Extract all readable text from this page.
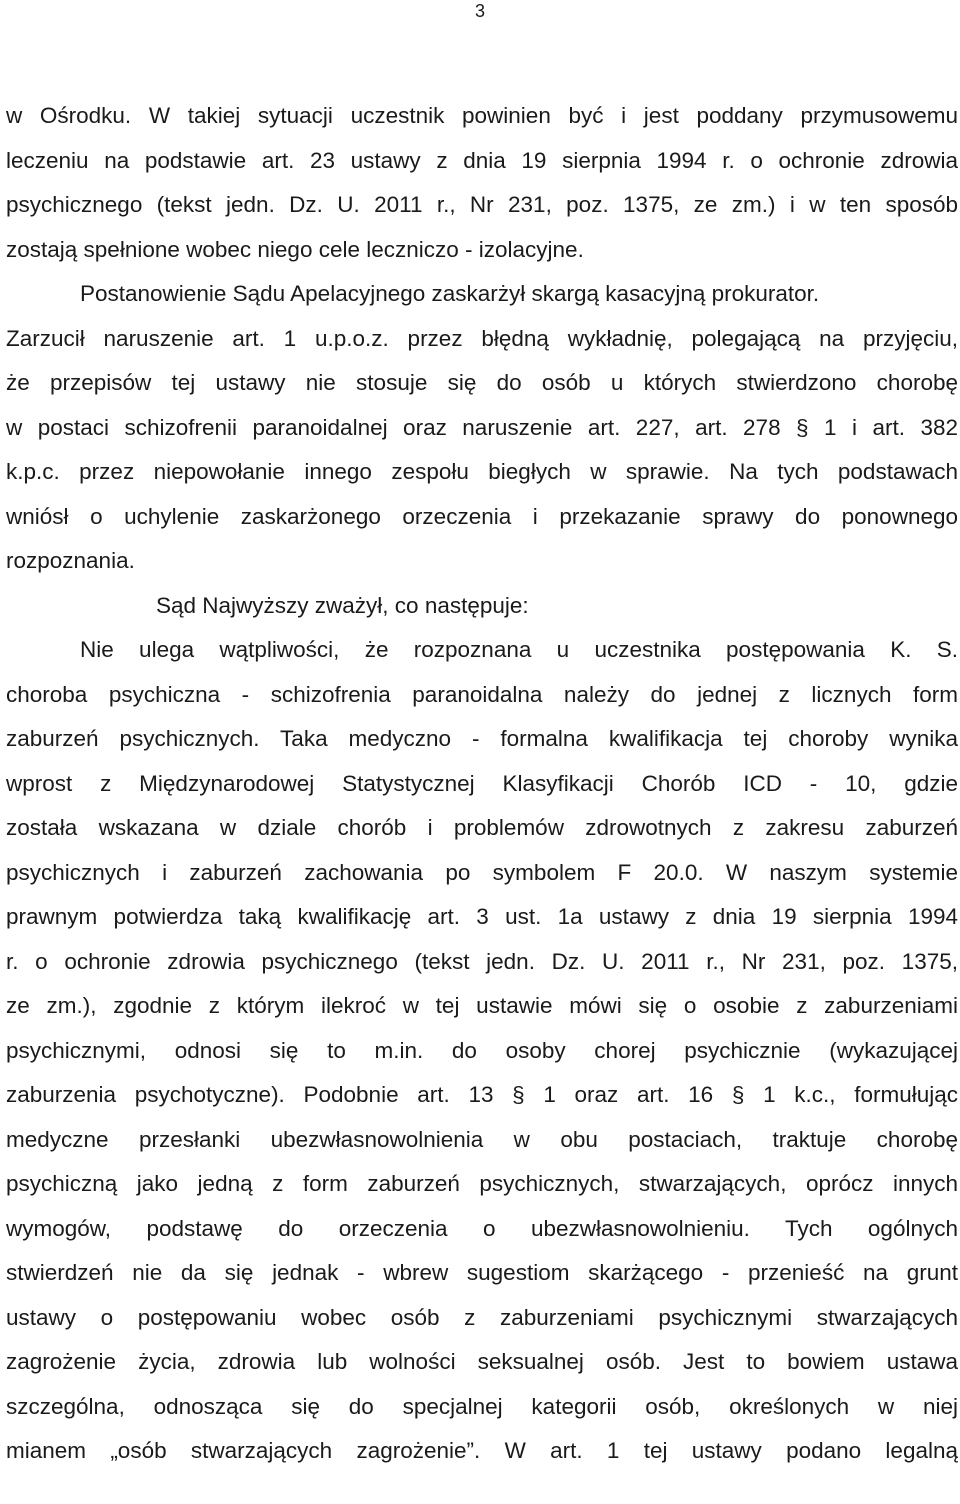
3
w Ośrodku. W takiej sytuacji uczestnik powinien być i jest poddany przymusowemu
leczeniu na podstawie art. 23 ustawy z dnia 19 sierpnia 1994 r. o ochronie zdrowia
psychicznego (tekst jedn. Dz. U. 2011 r., Nr 231, poz. 1375, ze zm.) i w ten sposób
zostają spełnione wobec niego cele leczniczo - izolacyjne.
Postanowienie Sądu Apelacyjnego zaskarżył skargą kasacyjną prokurator.
Zarzucił naruszenie art. 1 u.p.o.z. przez błędną wykładnię, polegającą na przyjęciu,
że przepisów tej ustawy nie stosuje się do osób u których stwierdzono chorobę
w postaci schizofrenii paranoidalnej oraz naruszenie art. 227, art. 278 § 1 i art. 382
k.p.c. przez niepowołanie innego zespołu biegłych w sprawie. Na tych podstawach
wniósł o uchylenie zaskarżonego orzeczenia i przekazanie sprawy do ponownego
rozpoznania.
Sąd Najwyższy zważył, co następuje:
Nie ulega wątpliwości, że rozpoznana u uczestnika postępowania K. S.
choroba psychiczna - schizofrenia paranoidalna należy do jednej z licznych form
zaburzeń psychicznych. Taka medyczno - formalna kwalifikacja tej choroby wynika
wprost z Międzynarodowej Statystycznej Klasyfikacji Chorób ICD - 10, gdzie
została wskazana w dziale chorób i problemów zdrowotnych z zakresu zaburzeń
psychicznych i zaburzeń zachowania po symbolem F 20.0. W naszym systemie
prawnym potwierdza taką kwalifikację art. 3 ust. 1a ustawy z dnia 19 sierpnia 1994
r. o ochronie zdrowia psychicznego (tekst jedn. Dz. U. 2011 r., Nr 231, poz. 1375,
ze zm.), zgodnie z którym ilekroć w tej ustawie mówi się o osobie z zaburzeniami
psychicznymi, odnosi się to m.in. do osoby chorej psychicznie (wykazującej
zaburzenia psychotyczne). Podobnie art. 13 § 1 oraz art. 16 § 1 k.c., formułując
medyczne przesłanki ubezwłasnowolnienia w obu postaciach, traktuje chorobę
psychiczną jako jedną z form zaburzeń psychicznych, stwarzających, oprócz innych
wymogów, podstawę do orzeczenia o ubezwłasnowolnieniu. Tych ogólnych
stwierdzeń nie da się jednak - wbrew sugestiom skarżącego - przenieść na grunt
ustawy o postępowaniu wobec osób z zaburzeniami psychicznymi stwarzających
zagrożenie życia, zdrowia lub wolności seksualnej osób. Jest to bowiem ustawa
szczególna, odnosząca się do specjalnej kategorii osób, określonych w niej
mianem „osób stwarzających zagrożenie”. W art. 1 tej ustawy podano legalną
